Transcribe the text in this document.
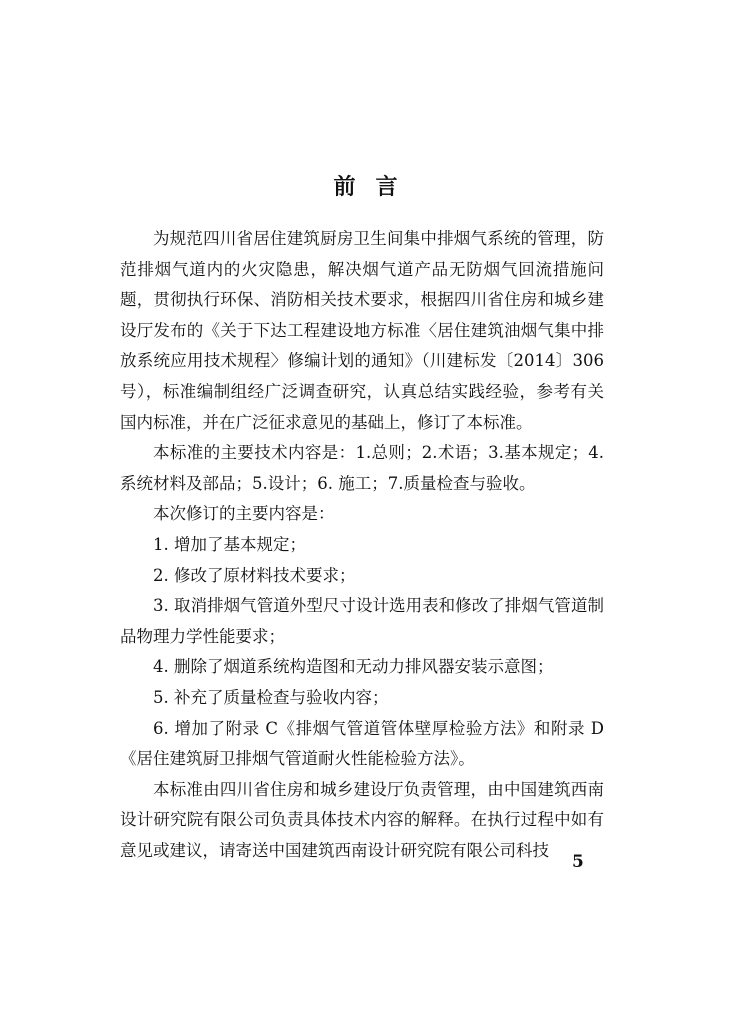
前言

为规范四川省居住建筑厨房卫生间集中排烟气系统的管理，防范排烟气道内的火灾隐患，解决烟气道产品无防烟气回流措施问题，贯彻执行环保、消防相关技术要求，根据四川省住房和城乡建设厅发布的《关于下达工程建设地方标准〈居住建筑油烟气集中排放系统应用技术规程〉修编计划的通知》（川建标发〔2014〕306号），标准编制组经广泛调查研究，认真总结实践经验，参考有关国内标准，并在广泛征求意见的基础上，修订了本标准。

本标准的主要技术内容是：1.总则；2.术语；3.基本规定；4.系统材料及部品；5.设计；6. 施工；7.质量检查与验收。

本次修订的主要内容是：

1. 增加了基本规定；

2. 修改了原材料技术要求；

3. 取消排烟气管道外型尺寸设计选用表和修改了排烟气管道制品物理力学性能要求；

4. 删除了烟道系统构造图和无动力排风器安装示意图；

5. 补充了质量检查与验收内容；

6. 增加了附录 C《排烟气管道管体壁厚检验方法》和附录 D《居住建筑厨卫排烟气管道耐火性能检验方法》。

本标准由四川省住房和城乡建设厅负责管理，由中国建筑西南设计研究院有限公司负责具体技术内容的解释。在执行过程中如有意见或建议，请寄送中国建筑西南设计研究院有限公司科技

5
